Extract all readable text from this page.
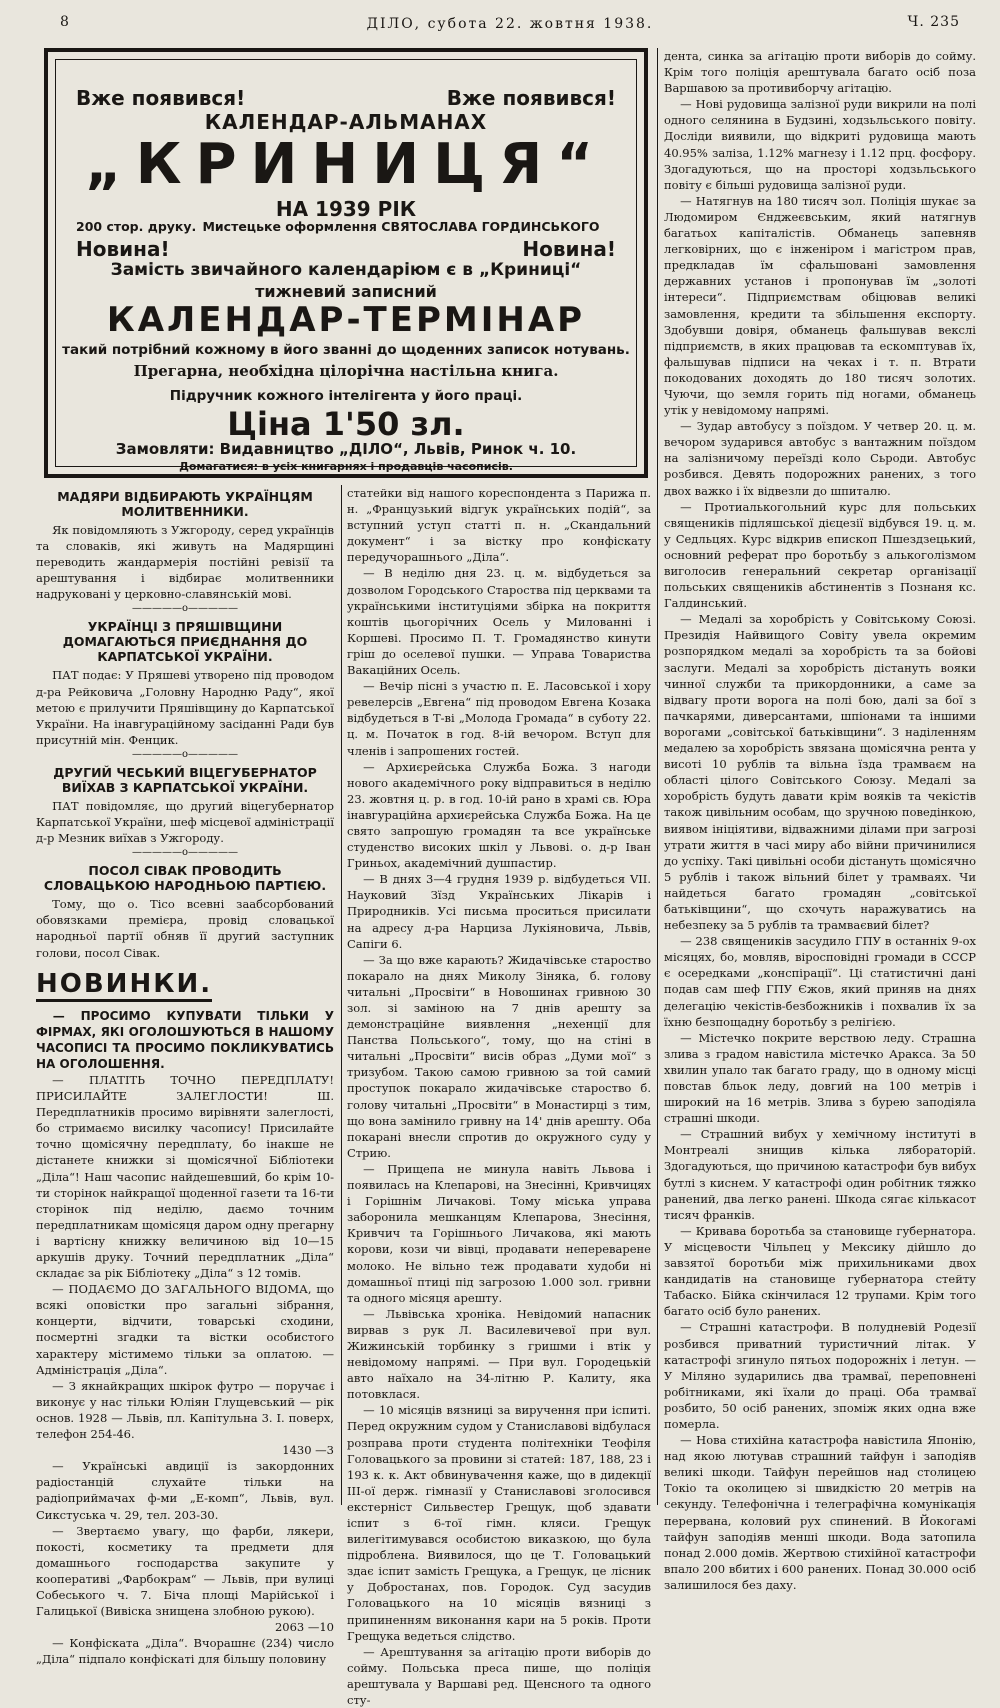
8	ДІЛО, субота 22. жовтня 1938.	Ч. 235
Вже появився!	Вже появився!
КАЛЕНДАР-АЛЬМАНАХ
„КРИНИЦЯ“
НА 1939 РІК
200 стор. друку. Мистецьке оформлення СВЯТОСЛАВА ГОРДИНСЬКОГО
Новина!	Новина!
Замість звичайного календаріюм є в „Криниці“
тижневий записний
КАЛЕНДАР-ТЕРМІНАР
такий потрібний кожному в його званні до щоденних записок нотувань.
Прегарна, необхідна цілорічна настільна книга.
Підручник кожного інтелігента у його праці.
Ціна 1'50 зл.
Замовляти: Видавництво „ДІЛО“, Львів, Ринок ч. 10.
Домагатися: в усіх книгарнях і продавців часописів.
МАДЯРИ ВІДБИРАЮТЬ УКРАЇНЦЯМ МОЛИТВЕННИКИ.

Як повідомляють з Ужгороду, серед українців та словаків, які живуть на Мадярщині переводить жандармерія постійні ревізії та арештування і відбирає молитвенники надруковані у церковно-славянській мові.

—————o—————
УКРАЇНЦІ З ПРЯШІВЩИНИ ДОМАГАЮТЬСЯ ПРИЄДНАННЯ ДО КАРПАТСЬКОЇ УКРАЇНИ.

ПАТ подає: У Пряшеві утворено під проводом д-ра Рейковича „Головну Народню Раду“, якої метою є прилучити Пряшівщину до Карпатської України. На інавгураційному засіданні Ради був присутній мін. Фенцик.

—————o—————
ДРУГИЙ ЧЕСЬКИЙ ВІЦЕГУБЕРНАТОР ВИЇХАВ З КАРПАТСЬКОЇ УКРАЇНИ.

ПАТ повідомляє, що другий віцегубернатор Карпатської України, шеф місцевої адміністрації д-р Мезник виїхав з Ужгороду.

—————o—————
ПОСОЛ СІВАК ПРОВОДИТЬ СЛОВАЦЬКОЮ НАРОДНЬОЮ ПАРТІЄЮ.

Тому, що о. Тісо всевні заабсорбований обовязками премієра, провід словацької народньої партії обняв її другий заступник голови, посол Сівак.

НОВИНКИ.

— ПРОСИМО КУПУВАТИ ТІЛЬКИ У ФІРМАХ, ЯКІ ОГОЛОШУЮТЬСЯ В НАШОМУ ЧАСОПИСІ ТА ПРОСИМО ПОКЛИКУВАТИСЬ НА ОГОЛОШЕННЯ.

— ПЛАТІТЬ ТОЧНО ПЕРЕДПЛАТУ! ПРИСИЛАЙТЕ ЗАЛЕГЛОСТИ! Ш. Передплатників просимо вирівняти залеглості, бо стримаємо висилку часопису! Присилайте точно щомісячну передплату, бо інакше не дістанете книжки зі щомісячної Бібліотеки „Діла“! Наш часопис найдешевший, бо крім 10-ти сторінок найкращої щоденної газети та 16-ти сторінок під неділю, даємо точним передплатникам щомісяця даром одну прегарну і вартісну книжку величиною від 10—15 аркушів друку. Точний передплатник „Діла“ складає за рік Бібліотеку „Діла“ з 12 томів.

— ПОДАЄМО ДО ЗАГАЛЬНОГО ВІДОМА, що всякі оповістки про загальні зібрання, концерти, відчити, товарські сходини, посмертні згадки та вістки особистого характеру містимемо тільки за оплатою. — Адміністрація „Діла“.

— З якнайкращих шкірок футро — поручає і виконує у нас тільки Юліян Глущевський — рік основ. 1928 — Львів, пл. Капітульна 3. І. поверх, телефон 254-46.

1430 —3

— Українські авдиції із закордонних радіостанцій слухайте тільки на радіоприймачах ф-ми „Е-комп“, Львів, вул. Сикстуська ч. 29, тел. 203-30.

— Звертаємо увагу, що фарби, лякери, покості, косметику та предмети для домашнього господарства закупите у кооперативі „Фарбокрам“ — Львів, при вулиці Собеського ч. 7. Біча площі Марійської і Галицької (Вивіска знищена злобною рукою).

2063 —10

— Конфіската „Діла“. Вчорашнє (234) число „Діла“ підпало конфіскаті для більшу половину

статейки від нашого кореспондента з Парижа п. н. „Французький відгук українських подій“, за вступний уступ статті п. н. „Скандальний документ“ і за вістку про конфіскату передучорашнього „Діла“.

— В неділю дня 23. ц. м. відбудеться за дозволом Городського Староства під церквами та українськими інституціями збірка на покриття коштів цьогорічних Осель у Милованні і Коршеві. Просимо П. Т. Громадянство кинути гріш до оселевої пушки. — Управа Товариства Вакаційних Осель.

— Вечір пісні з участю п. Е. Ласовської і хору ревелерсів „Евгена“ під проводом Евгена Козака відбудеться в Т-ві „Молода Громада“ в суботу 22. ц. м. Початок в год. 8-ій вечором. Вступ для членів і запрошених гостей.

— Архиєрейська Служба Божа. З нагоди нового академічного року відправиться в неділю 23. жовтня ц. р. в год. 10-ій рано в храмі св. Юра інавгураційна архиєрейська Служба Божа. На це свято запрошую громадян та все українське студенство високих шкіл у Львові. о. д-р Іван Гриньох, академічний душпастир.

— В днях 3—4 грудня 1939 р. відбудеться VII. Науковий Зїзд Українських Лікарів і Природників. Усі письма проситься присилати на адресу д-ра Нарциза Лукіяновича, Львів, Сапіги 6.

— За що вже карають? Жидачівське староство покарало на днях Миколу Зіняка, б. голову читальні „Просвіти“ в Новошинах гривною 30 зол. зі заміною на 7 днів арешту за демонстраційне виявлення „нехенції для Панства Польського“, тому, що на стіні в читальні „Просвіти“ висів образ „Думи мої“ з тризубом. Такою самою гривною за той самий проступок покарало жидачівське староство б. голову читальні „Просвіти“ в Монастирці з тим, що вона замінило гривну на 14' днів арешту. Оба покарані внесли спротив до окружного суду у Стрию.

— Прищепа не минула навіть Львова і появилась на Клепарові, на Знесінні, Кривчицях і Горішнім Личакові. Тому міська управа заборонила мешканцям Клепарова, Знесіння, Кривчич та Горішнього Личакова, які мають корови, кози чи вівці, продавати непереварене молоко. Не вільно теж продавати худоби ні домашньої птиці під загрозою 1.000 зол. гривни та одного місяця арешту.

— Львівська хроніка. Невідомий напасник вирвав з рук Л. Василевичевої при вул. Жижинській торбинку з гришми і втік у невідомому напрямі. — При вул. Городецькій авто наїхало на 34-літню Р. Калиту, яка потовклася.

— 10 місяців вязниці за виручення при іспиті. Перед окружним судом у Станиславові відбулася розправа проти студента політехніки Теофіля Головацького за провини зі статей: 187, 188, 23 і 193 к. к. Акт обвинувачення каже, що в дидекції ІІІ-ої держ. гімназії у Станиславові зголосився екстерніст Сильвестер Грещук, щоб здавати іспит з 6-тої гімн. кляси. Грещук вилегітимувався особистою виказкою, що була підроблена. Виявилося, що це Т. Головацький здає іспит замість Грещука, а Грещук, це лісник у Добростанах, пов. Городок. Суд засудив Головацького на 10 місяців вязниці з припиненням виконання кари на 5 років. Проти Грещука ведеться слідство.

— Арештування за агітацію проти виборів до сойму. Польська преса пише, що поліція арештувала у Варшаві ред. Щенсного та одного сту-

дента, синка за агітацію проти виборів до сойму. Крім того поліція арештувала багато осіб поза Варшавою за противиборчу агітацію.

— Нові рудовища залізної руди викрили на полі одного селянина в Будзині, ходзьльського повіту. Досліди виявили, що відкриті рудовища мають 40.95% заліза, 1.12% магнезу і 1.12 прц. фосфору. Здогадуються, що на просторі ходзьльського повіту є більші рудовища залізної руди.

— Натягнув на 180 тисяч зол. Поліція шукає за Людомиром Єнджеєвським, який натягнув багатьох капіталістів. Обманець запевняв легковірних, що є інженіром і магістром прав, предкладав їм сфальшовані замовлення державних установ і пропонував їм „золоті інтереси“. Підприємствам обіцював великі замовлення, кредити та збільшення експорту. Здобувши довіря, обманець фальшував векслі підприємств, в яких працював та ескомптував їх, фальшував підписи на чеках і т. п. Втрати покодованих доходять до 180 тисяч золотих. Чуючи, що земля горить під ногами, обманець утік у невідомому напрямі.

— Зудар автобусу з поїздом. У четвер 20. ц. м. вечором зударився автобус з вантажним поїздом на залізничому переїзді коло Сьроди. Автобус розбився. Девять подорожних ранених, з того двох важко і їх відвезли до шпиталю.

— Протиалькогольний курс для польських священиків підляшської дієцезії відбувся 19. ц. м. у Седльцях. Курс відкрив епископ Пшездзецький, основний реферат про боротьбу з алькоголізмом виголосив генеральний секретар організації польських священиків абстинентів з Познаня кс. Галдинський.

— Медалі за хоробрість у Совітському Союзі. Президія Найвищого Совіту увела окремим розпорядком медалі за хоробрість та за бойові заслуги. Медалі за хоробрість дістануть вояки чинної служби та прикордонники, а саме за відвагу проти ворога на полі бою, далі за бої з пачкарями, диверсантами, шпіонами та іншими ворогами „совітської батьківщини“. З наділенням медалею за хоробрість звязана щомісячна рента у висоті 10 рублів та вільна їзда трамваєм на області цілого Совітського Союзу. Медалі за хоробрість будуть давати крім вояків та чекістів також цивільним особам, що зручною поведінкою, виявом ініціятиви, відважними ділами при загрозі утрати життя в часі миру або війни причинилися до успіху. Такі цивільні особи дістануть щомісячно 5 рублів і також вільний білет у трамваях. Чи найдеться багато громадян „совітської батьківщини“, що схочуть наражуватись на небезпеку за 5 рублів та трамваєвий білет?

— 238 священиків засудило ГПУ в останніх 9-ох місяцях, бо, мовляв, віросповідні громади в СССР є осередками „конспірації“. Ці статистичні дані подав сам шеф ГПУ Єжов, який приняв на днях делегацію чекістів-безбожників і похвалив їх за їхню безпощадну боротьбу з релігією.

— Містечко покрите верствою леду. Страшна злива з градом навістила містечко Аракса. За 50 хвилин упало так багато граду, що в одному місці повстав бльок леду, довгий на 100 метрів і широкий на 16 метрів. Злива з бурею заподіяла страшні шкоди.

— Страшний вибух у хемічному інституті в Монтреалі знищив кілька лябораторій. Здогадуються, що причиною катастрофи був вибух бутлі з киснем. У катастрофі один робітник тяжко ранений, два легко ранені. Шкода сягає кількасот тисяч франків.

— Кривава боротьба за становище губернатора. У місцевости Чільпец у Мексику дійшло до завзятої боротьби між прихильниками двох кандидатів на становище губернатора стейту Табаско. Бійка скінчилася 12 трупами. Крім того багато осіб було ранених.

— Страшні катастрофи. В полудневій Родезії розбився приватний туристичний літак. У катастрофі згинуло пятьох подорожніх і летун. — У Міляно зударились два трамваї, переповнені робітниками, які їхали до праці. Оба трамваї розбито, 50 осіб ранених, зпоміж яких одна вже померла.

— Нова стихійна катастрофа навістила Японію, над якою лютував страшний тайфун і заподіяв великі шкоди. Тайфун перейшов над столицею Токіо та околицею зі швидкістю 20 метрів на секунду. Телефонічна і телеграфічна комунікація перервана, коловий рух спинений. В Йокогамі тайфун заподіяв менші шкоди. Вода затопила понад 2.000 домів. Жертвою стихійної катастрофи впало 200 вбитих і 600 ранених. Понад 30.000 осіб залишилося без даху.
